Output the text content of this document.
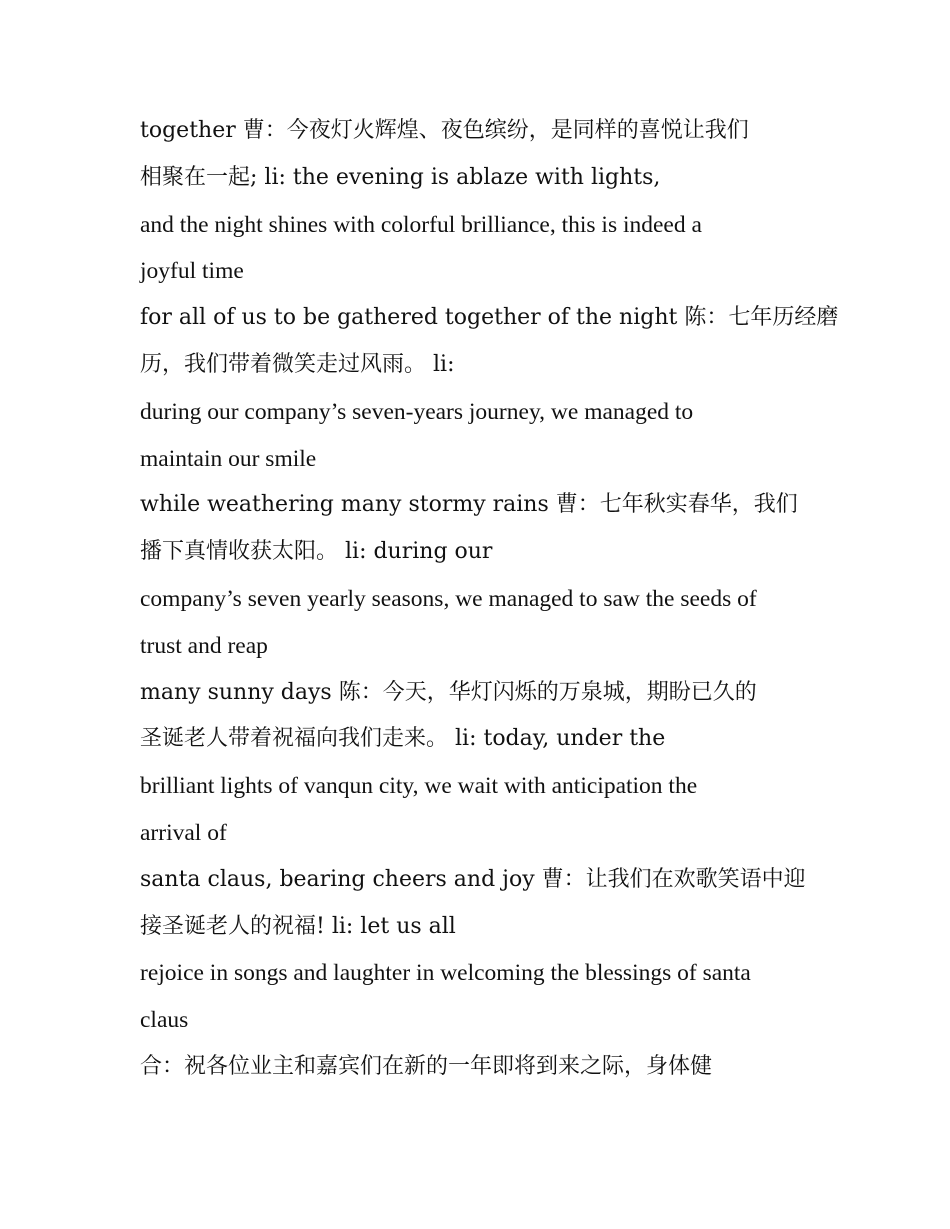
together 曹：今夜灯火辉煌、夜色缤纷，是同样的喜悦让我们
相聚在一起; li: the evening is ablaze with lights,
and the night shines with colorful brilliance, this is indeed a
joyful time
for all of us to be gathered together of the night 陈：七年历经磨
历，我们带着微笑走过风雨。 li:
during our company’s seven-years journey, we managed to
maintain our smile
while weathering many stormy rains 曹：七年秋实春华，我们
播下真情收获太阳。 li: during our
company’s seven yearly seasons, we managed to saw the seeds of
trust and reap
many sunny days 陈：今天，华灯闪烁的万泉城，期盼已久的
圣诞老人带着祝福向我们走来。 li: today, under the
brilliant lights of vanqun city, we wait with anticipation the
arrival of
santa claus, bearing cheers and joy 曹：让我们在欢歌笑语中迎
接圣诞老人的祝福! li: let us all
rejoice in songs and laughter in welcoming the blessings of santa
claus
合：祝各位业主和嘉宾们在新的一年即将到来之际，身体健
